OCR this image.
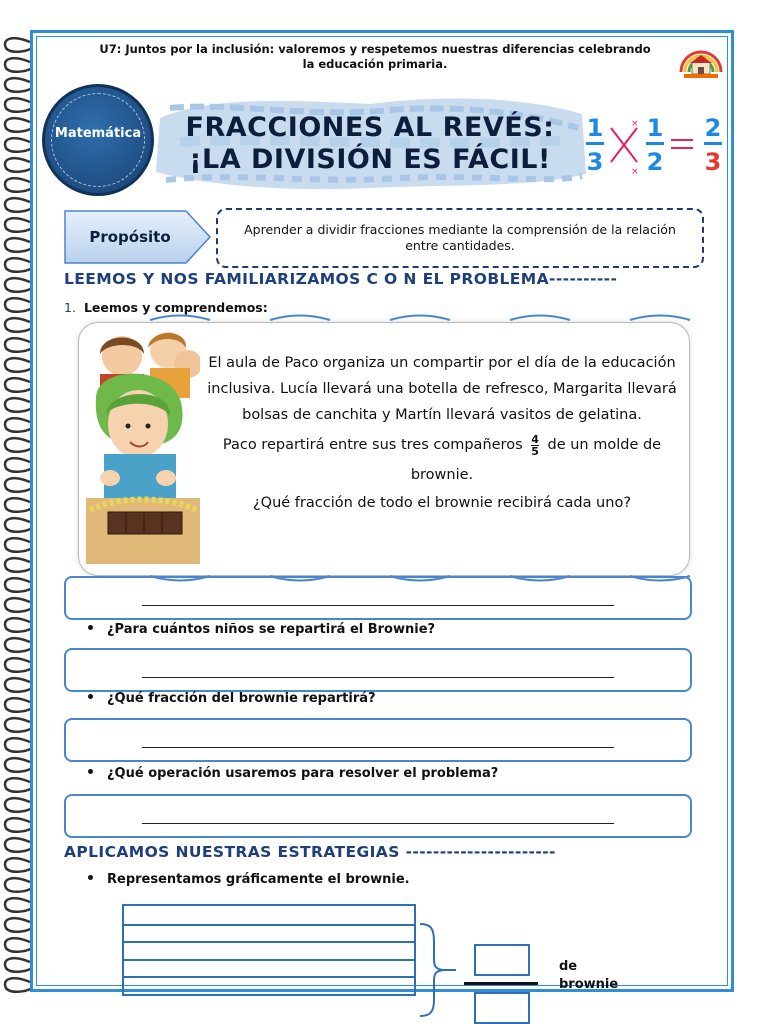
U7: Juntos por la inclusión: valoremos y respetemos nuestras diferencias celebrando
la educación primaria.
Matemática	FRACCIONES AL REVÉS:
¡LA DIVISIÓN ES FÁCIL!
1
3
1
2
2
3
×
×
Propósito	Aprender a dividir fracciones mediante la comprensión de la relación entre cantidades.
LEEMOS Y NOS FAMILIARIZAMOS C O N EL PROBLEMA----------
1. Leemos y comprendemos:

El aula de Paco organiza un compartir por el día de la educación inclusiva. Lucía llevará una botella de refresco, Margarita llevará bolsas de canchita y Martín llevará vasitos de gelatina.

Paco repartirá entre sus tres compañeros $\frac{4}{5}$ de un molde de brownie.

¿Qué fracción de todo el brownie recibirá cada uno?

¿Para cuántos niños se repartirá el Brownie?
¿Qué fracción del brownie repartirá?
¿Qué operación usaremos para resolver el problema?
APLICAMOS NUESTRAS ESTRATEGIAS ----------------------
Representamos gráficamente el brownie.
de
brownie
